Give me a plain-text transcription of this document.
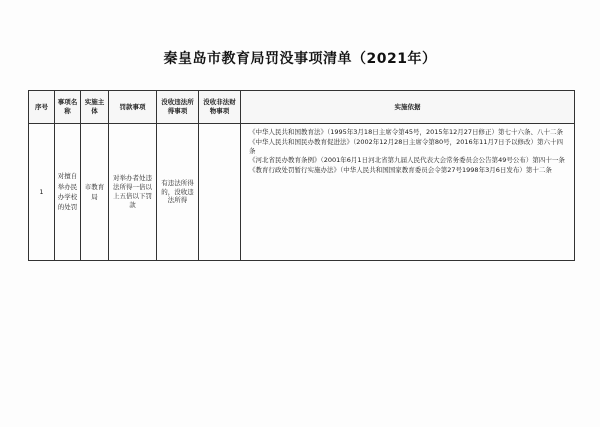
秦皇岛市教育局罚没事项清单（2021年）
序号	事项名称	实施主体	罚款事项	没收违法所得事项	没收非法财物事项	实施依据
1	对擅自举办民办学校的处罚	市教育局	对举办者处违法所得一倍以上五倍以下罚款	有违法所得的，没收违法所得		《中华人民共和国教育法》（1995年3月18日主席令第45号，2015年12月27日修正）第七十六条、八十二条
《中华人民共和国民办教育促进法》（2002年12月28日主席令第80号，2016年11月7日予以修改）第六十四条
《河北省民办教育条例》（2001年6月1日河北省第九届人民代表大会常务委员会公告第49号公布）第四十一条
《教育行政处罚暂行实施办法》（中华人民共和国国家教育委员会令第27号1998年3月6日发布）第十二条
